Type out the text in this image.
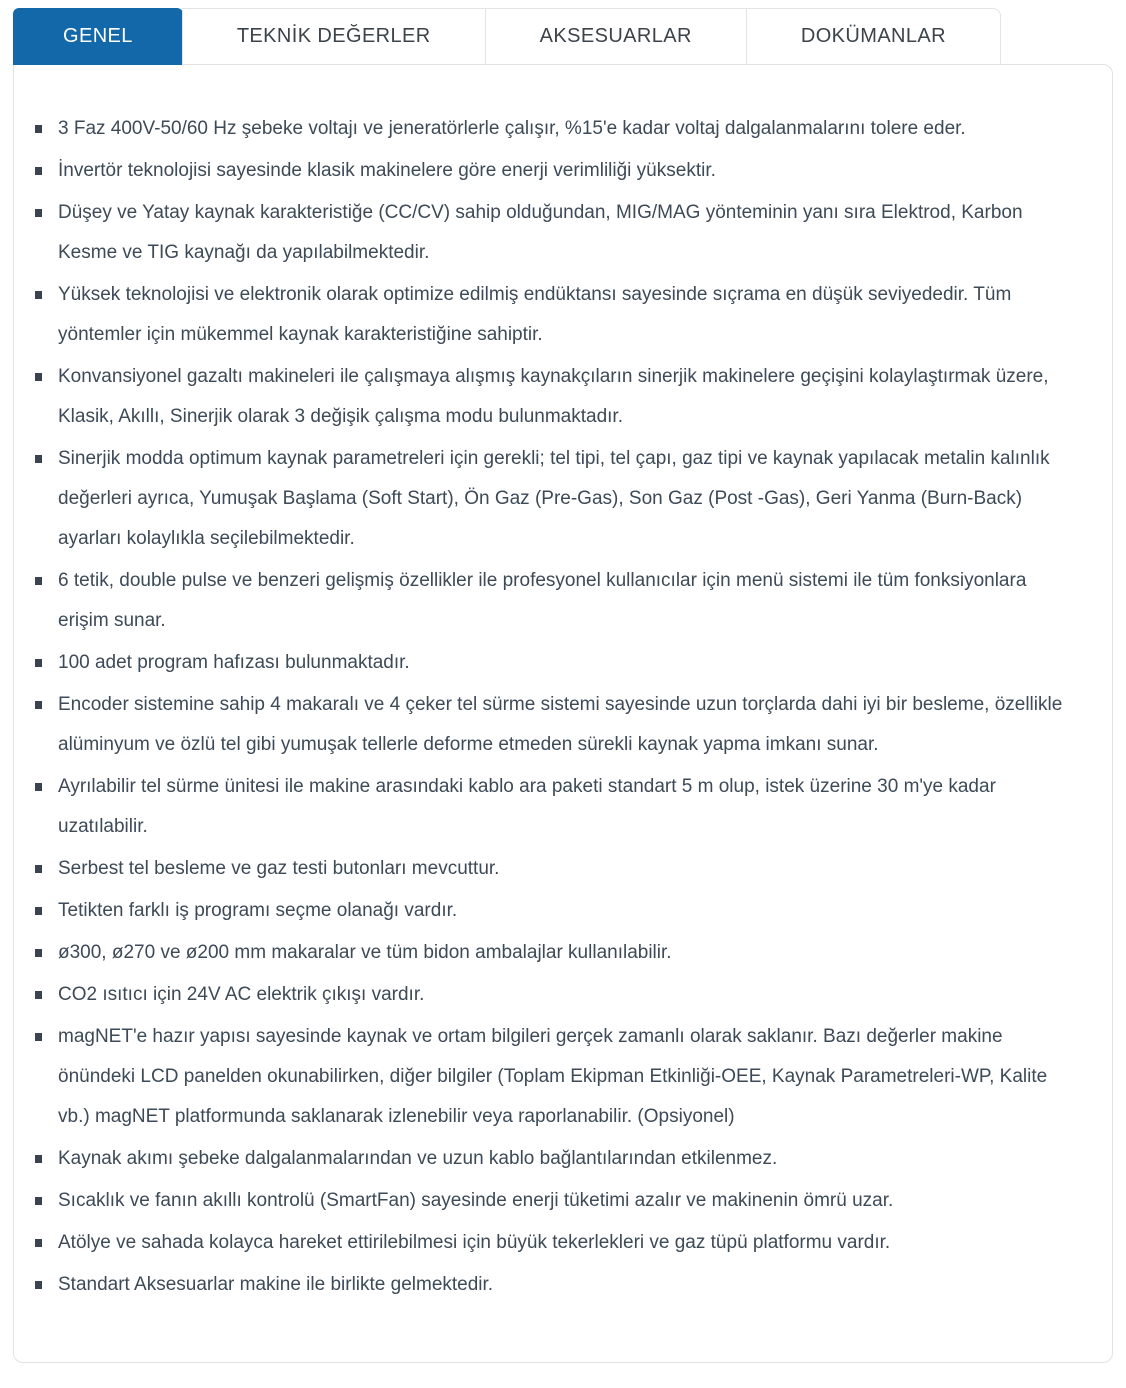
GENEL	TEKNİK DEĞERLER	AKSESUARLAR	DOKÜMANLAR
3 Faz 400V-50/60 Hz şebeke voltajı ve jeneratörlerle çalışır, %15'e kadar voltaj dalgalanmalarını tolere eder.
İnvertör teknolojisi sayesinde klasik makinelere göre enerji verimliliği yüksektir.
Düşey ve Yatay kaynak karakteristiğe (CC/CV) sahip olduğundan, MIG/MAG yönteminin yanı sıra Elektrod, Karbon Kesme ve TIG kaynağı da yapılabilmektedir.
Yüksek teknolojisi ve elektronik olarak optimize edilmiş endüktansı sayesinde sıçrama en düşük seviyededir. Tüm yöntemler için mükemmel kaynak karakteristiğine sahiptir.
Konvansiyonel gazaltı makineleri ile çalışmaya alışmış kaynakçıların sinerjik makinelere geçişini kolaylaştırmak üzere, Klasik, Akıllı, Sinerjik olarak 3 değişik çalışma modu bulunmaktadır.
Sinerjik modda optimum kaynak parametreleri için gerekli; tel tipi, tel çapı, gaz tipi ve kaynak yapılacak metalin kalınlık değerleri ayrıca, Yumuşak Başlama (Soft Start), Ön Gaz (Pre-Gas), Son Gaz (Post -Gas), Geri Yanma (Burn-Back) ayarları kolaylıkla seçilebilmektedir.
6 tetik, double pulse ve benzeri gelişmiş özellikler ile profesyonel kullanıcılar için menü sistemi ile tüm fonksiyonlara erişim sunar.
100 adet program hafızası bulunmaktadır.
Encoder sistemine sahip 4 makaralı ve 4 çeker tel sürme sistemi sayesinde uzun torçlarda dahi iyi bir besleme, özellikle alüminyum ve özlü tel gibi yumuşak tellerle deforme etmeden sürekli kaynak yapma imkanı sunar.
Ayrılabilir tel sürme ünitesi ile makine arasındaki kablo ara paketi standart 5 m olup, istek üzerine 30 m'ye kadar uzatılabilir.
Serbest tel besleme ve gaz testi butonları mevcuttur.
Tetikten farklı iş programı seçme olanağı vardır.
ø300, ø270 ve ø200 mm makaralar ve tüm bidon ambalajlar kullanılabilir.
CO2 ısıtıcı için 24V AC elektrik çıkışı vardır.
magNET'e hazır yapısı sayesinde kaynak ve ortam bilgileri gerçek zamanlı olarak saklanır. Bazı değerler makine önündeki LCD panelden okunabilirken, diğer bilgiler (Toplam Ekipman Etkinliği-OEE, Kaynak Parametreleri-WP, Kalite vb.) magNET platformunda saklanarak izlenebilir veya raporlanabilir. (Opsiyonel)
Kaynak akımı şebeke dalgalanmalarından ve uzun kablo bağlantılarından etkilenmez.
Sıcaklık ve fanın akıllı kontrolü (SmartFan) sayesinde enerji tüketimi azalır ve makinenin ömrü uzar.
Atölye ve sahada kolayca hareket ettirilebilmesi için büyük tekerlekleri ve gaz tüpü platformu vardır.
Standart Aksesuarlar makine ile birlikte gelmektedir.
